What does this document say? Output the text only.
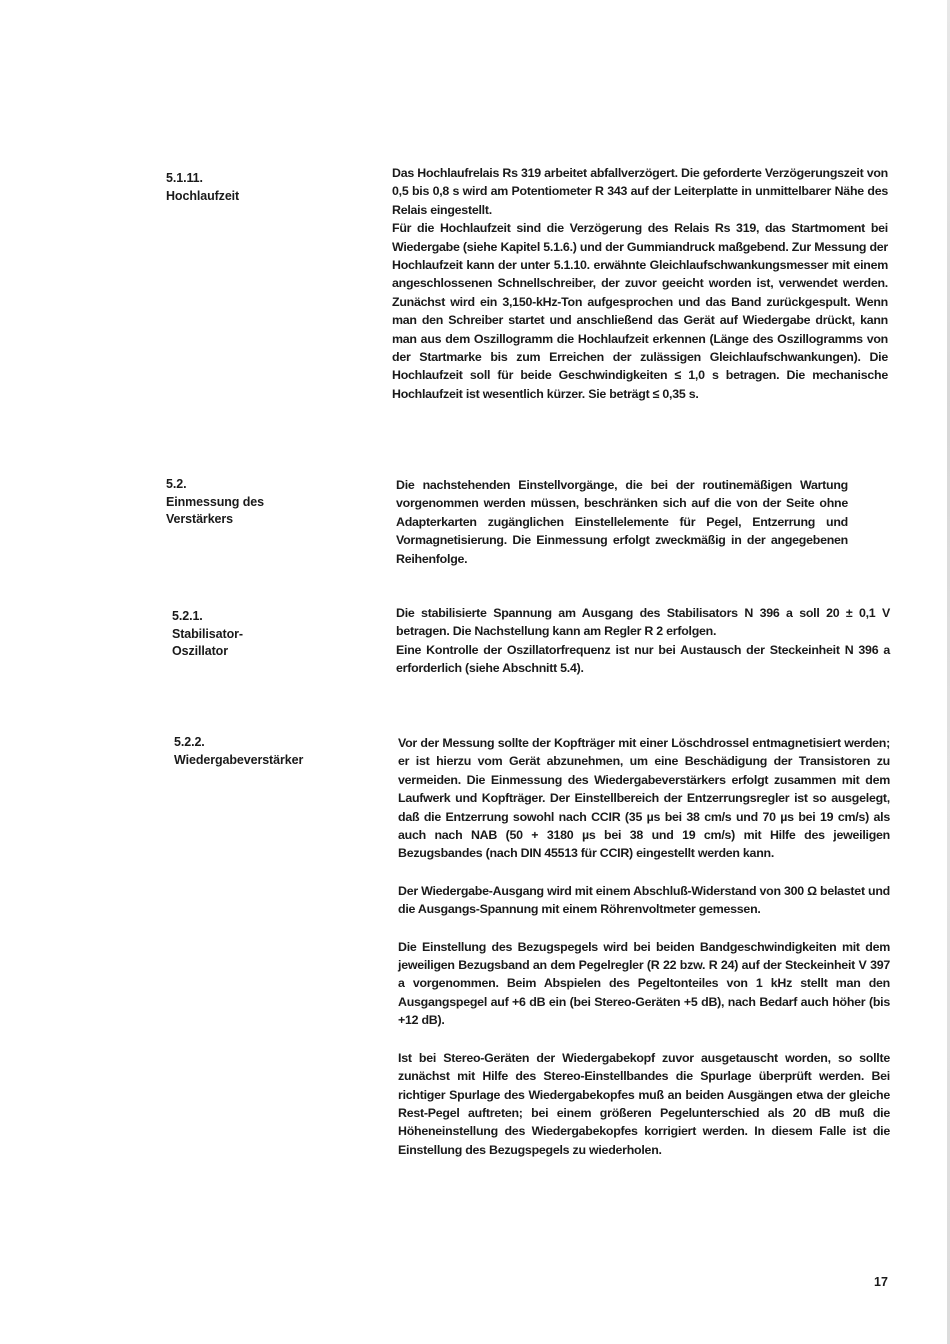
5.1.11.
Hochlaufzeit

Das Hochlaufrelais Rs 319 arbeitet abfallverzögert. Die geforderte Verzögerungszeit von 0,5 bis 0,8 s wird am Potentiometer R 343 auf der Leiterplatte in unmittelbarer Nähe des Relais eingestellt.
Für die Hochlaufzeit sind die Verzögerung des Relais Rs 319, das Startmoment bei Wiedergabe (siehe Kapitel 5.1.6.) und der Gummiandruck maßgebend. Zur Messung der Hochlaufzeit kann der unter 5.1.10. erwähnte Gleichlaufschwankungsmesser mit einem angeschlossenen Schnellschreiber, der zuvor geeicht worden ist, verwendet werden. Zunächst wird ein 3,150-kHz-Ton aufgesprochen und das Band zurückgespult. Wenn man den Schreiber startet und anschließend das Gerät auf Wiedergabe drückt, kann man aus dem Oszillogramm die Hochlaufzeit erkennen (Länge des Oszillogramms von der Startmarke bis zum Erreichen der zulässigen Gleichlaufschwankungen). Die Hochlaufzeit soll für beide Geschwindigkeiten ≤ 1,0 s betragen. Die mechanische Hochlaufzeit ist wesentlich kürzer. Sie beträgt ≤ 0,35 s.

5.2.
Einmessung des Verstärkers

Die nachstehenden Einstellvorgänge, die bei der routinemäßigen Wartung vorgenommen werden müssen, beschränken sich auf die von der Seite ohne Adapterkarten zugänglichen Einstellelemente für Pegel, Entzerrung und Vormagnetisierung. Die Einmessung erfolgt zweckmäßig in der angegebenen Reihenfolge.

5.2.1.
Stabilisator-Oszillator

Die stabilisierte Spannung am Ausgang des Stabilisators N 396 a soll 20 ± 0,1 V betragen. Die Nachstellung kann am Regler R 2 erfolgen.
Eine Kontrolle der Oszillatorfrequenz ist nur bei Austausch der Steckeinheit N 396 a erforderlich (siehe Abschnitt 5.4).

5.2.2.
Wiedergabeverstärker

Vor der Messung sollte der Kopfträger mit einer Löschdrossel entmagnetisiert werden; er ist hierzu vom Gerät abzunehmen, um eine Beschädigung der Transistoren zu vermeiden. Die Einmessung des Wiedergabeverstärkers erfolgt zusammen mit dem Laufwerk und Kopfträger. Der Einstellbereich der Entzerrungsregler ist so ausgelegt, daß die Entzerrung sowohl nach CCIR (35 µs bei 38 cm/s und 70 µs bei 19 cm/s) als auch nach NAB (50 + 3180 µs bei 38 und 19 cm/s) mit Hilfe des jeweiligen Bezugsbandes (nach DIN 45513 für CCIR) eingestellt werden kann.

Der Wiedergabe-Ausgang wird mit einem Abschluß-Widerstand von 300 Ω belastet und die Ausgangs-Spannung mit einem Röhrenvoltmeter gemessen.

Die Einstellung des Bezugspegels wird bei beiden Bandgeschwindigkeiten mit dem jeweiligen Bezugsband an dem Pegelregler (R 22 bzw. R 24) auf der Steckeinheit V 397 a vorgenommen. Beim Abspielen des Pegeltonteiles von 1 kHz stellt man den Ausgangspegel auf +6 dB ein (bei Stereo-Geräten +5 dB), nach Bedarf auch höher (bis +12 dB).

Ist bei Stereo-Geräten der Wiedergabekopf zuvor ausgetauscht worden, so sollte zunächst mit Hilfe des Stereo-Einstellbandes die Spurlage überprüft werden. Bei richtiger Spurlage des Wiedergabekopfes muß an beiden Ausgängen etwa der gleiche Rest-Pegel auftreten; bei einem größeren Pegelunterschied als 20 dB muß die Höheneinstellung des Wiedergabekopfes korrigiert werden. In diesem Falle ist die Einstellung des Bezugspegels zu wiederholen.

17
